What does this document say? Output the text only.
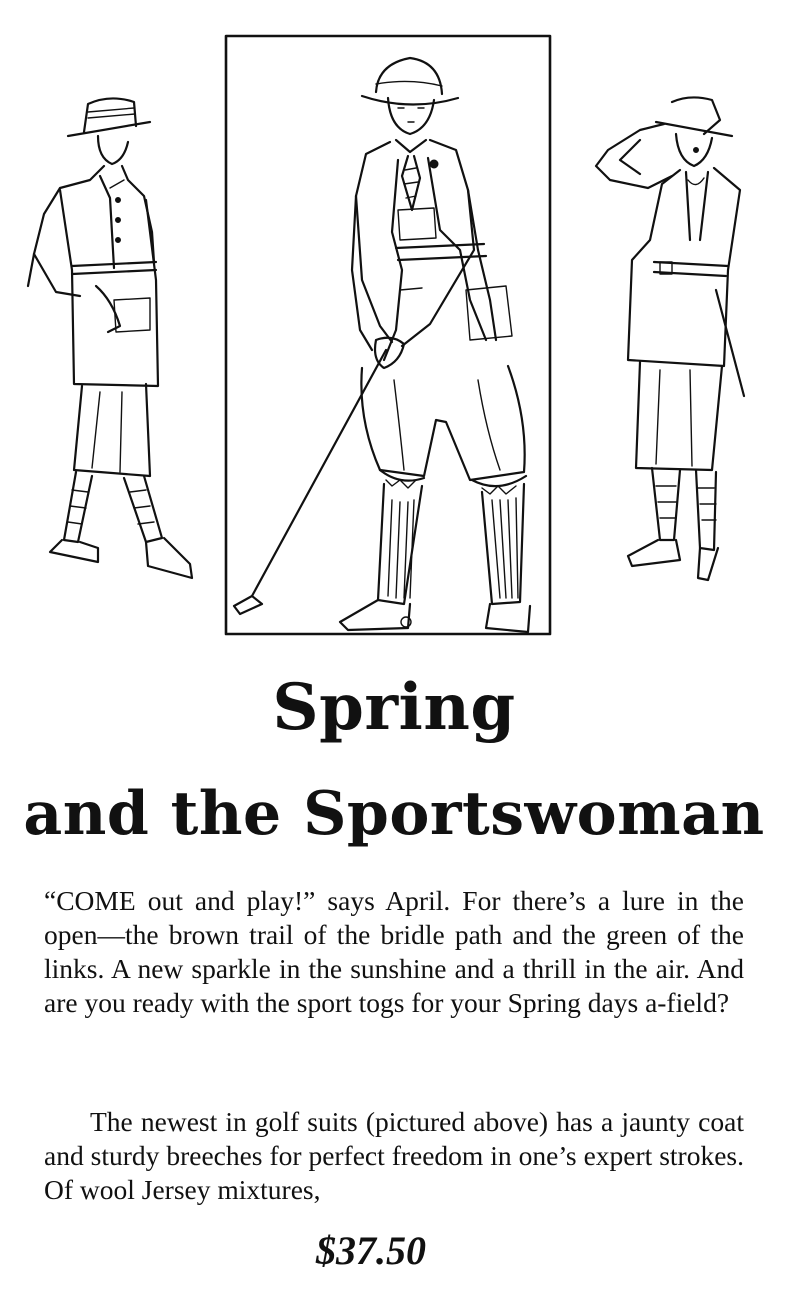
Spring
and the Sportswoman
“COME out and play!” says April. For there’s a lure in the open—the brown trail of the bridle path and the green of the links. A new sparkle in the sunshine and a thrill in the air. And are you ready with the sport togs for your Spring days a-field?
The newest in golf suits (pictured above) has a jaunty coat and sturdy breeches for perfect freedom in one’s expert strokes. Of wool Jersey mixtures,
$37.50
